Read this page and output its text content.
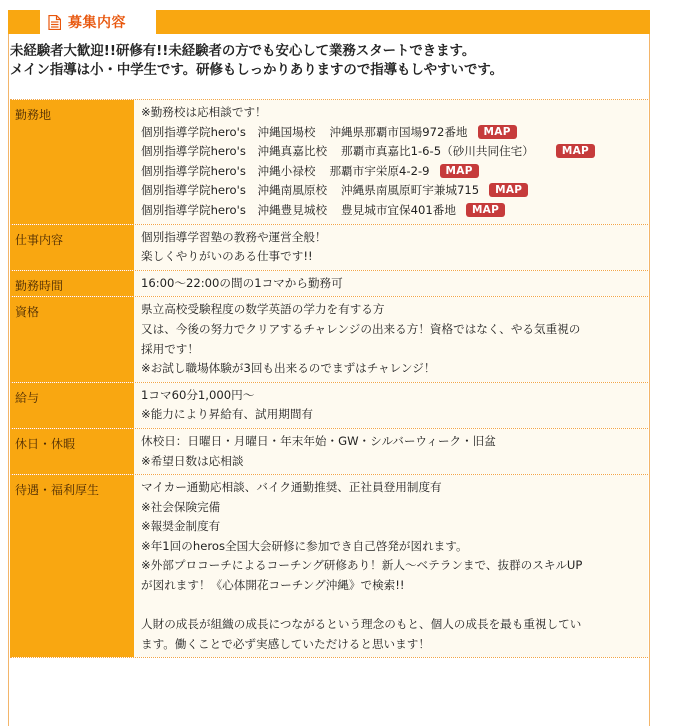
募集内容
未経験者大歓迎!!研修有!!未経験者の方でも安心して業務スタートできます。
メイン指導は小・中学生です。研修もしっかりありますので指導もしやすいです。
勤務地	※勤務校は応相談です！
個別指導学院hero's　沖縄国場校 沖縄県那覇市国場972番地 MAP
個別指導学院hero's　沖縄真嘉比校 那覇市真嘉比1-6-5（砂川共同住宅）	MAP
個別指導学院hero's　沖縄小禄校 那覇市宇栄原4-2-9 MAP
個別指導学院hero's　沖縄南風原校 沖縄県南風原町宇兼城715 MAP
個別指導学院hero's　沖縄豊見城校 豊見城市宜保401番地 MAP
仕事内容	個別指導学習塾の教務や運営全般！
楽しくやりがいのある仕事です!!
勤務時間	16:00〜22:00の間の1コマから勤務可
資格	県立高校受験程度の数学英語の学力を有する方
又は、今後の努力でクリアするチャレンジの出来る方！資格ではなく、やる気重視の
採用です！
※お試し職場体験が3回も出来るのでまずはチャレンジ！
給与	1コマ60分1,000円〜
※能力により昇給有、試用期間有
休日・休暇	休校日：日曜日・月曜日・年末年始・GW・シルバーウィーク・旧盆
※希望日数は応相談
待遇・福利厚生	マイカー通勤応相談、バイク通勤推奨、正社員登用制度有
※社会保険完備
※報奨金制度有
※年1回のheros全国大会研修に参加でき自己啓発が図れます。
※外部プロコーチによるコーチング研修あり！新人〜ベテランまで、抜群のスキルUP
が図れます！《心体開花コーチング沖縄》で検索!!
人財の成長が組織の成長につながるという理念のもと、個人の成長を最も重視してい
ます。働くことで必ず実感していただけると思います！
